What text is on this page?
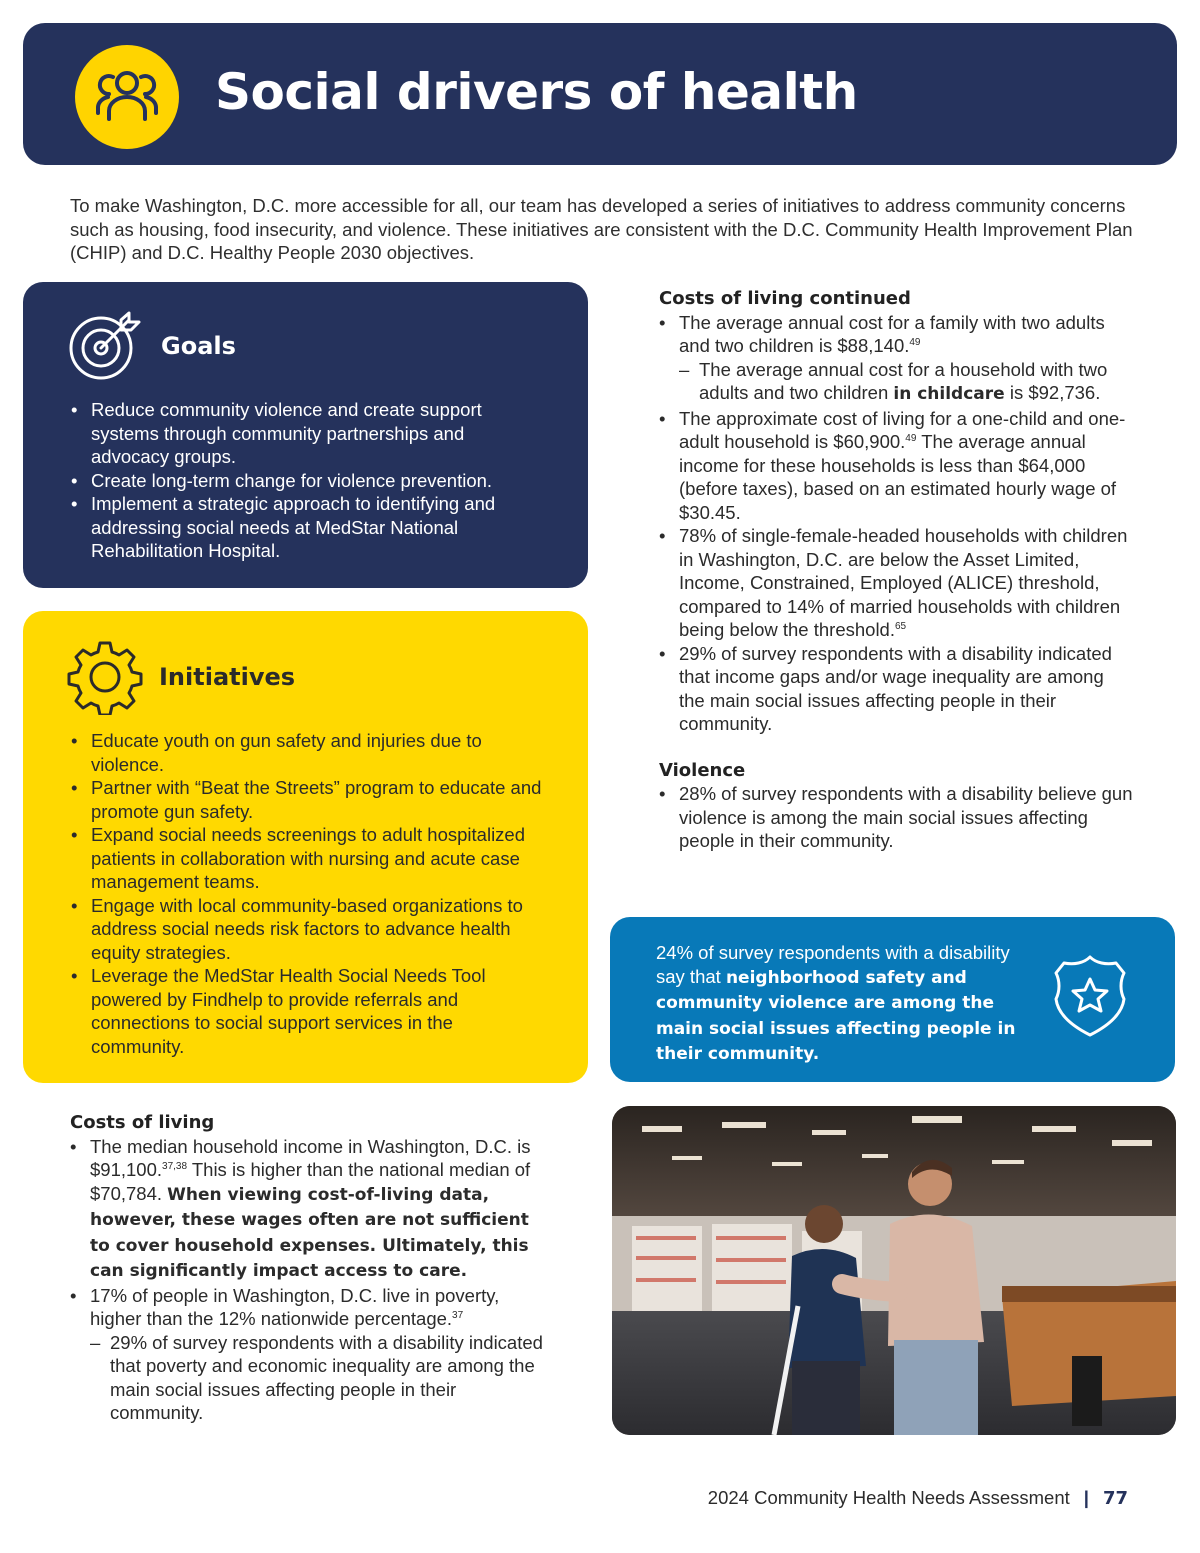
Social drivers of health

To make Washington, D.C. more accessible for all, our team has developed a series of initiatives to address community concerns such as housing, food insecurity, and violence. These initiatives are consistent with the D.C. Community Health Improvement Plan (CHIP) and D.C. Healthy People 2030 objectives.

Goals
• Reduce community violence and create support systems through community partnerships and advocacy groups.
• Create long-term change for violence prevention.
• Implement a strategic approach to identifying and addressing social needs at MedStar National Rehabilitation Hospital.
Initiatives
• Educate youth on gun safety and injuries due to violence.
• Partner with “Beat the Streets” program to educate and promote gun safety.
• Expand social needs screenings to adult hospitalized patients in collaboration with nursing and acute case management teams.
• Engage with local community-based organizations to address social needs risk factors to advance health equity strategies.
• Leverage the MedStar Health Social Needs Tool powered by Findhelp to provide referrals and connections to social support services in the community.
Costs of living
• The median household income in Washington, D.C. is $91,100.$^{37,38}$ This is higher than the national median of $70,784. When viewing cost-of-living data, however, these wages often are not sufficient to cover household expenses. Ultimately, this can significantly impact access to care.
• 17% of people in Washington, D.C. live in poverty, higher than the 12% nationwide percentage.$^{37}$
– 29% of survey respondents with a disability indicated that poverty and economic inequality are among the main social issues affecting people in their community.
Costs of living continued
• The average annual cost for a family with two adults and two children is $88,140.49
– The average annual cost for a household with two adults and two children in childcare is $92,736.
• The approximate cost of living for a one-child and one-adult household is $60,900.49 The average annual income for these households is less than $64,000 (before taxes), based on an estimated hourly wage of $30.45.
• 78% of single-female-headed households with children in Washington, D.C. are below the Asset Limited, Income, Constrained, Employed (ALICE) threshold, compared to 14% of married households with children being below the threshold.$^{65}$
• 29% of survey respondents with a disability indicated that income gaps and/or wage inequality are among the main social issues affecting people in their community.
Violence
• 28% of survey respondents with a disability believe gun violence is among the main social issues affecting people in their community.

24% of survey respondents with a disability say that neighborhood safety and community violence are among the main social issues affecting people in their community.

2024 Community Health Needs Assessment | 77
